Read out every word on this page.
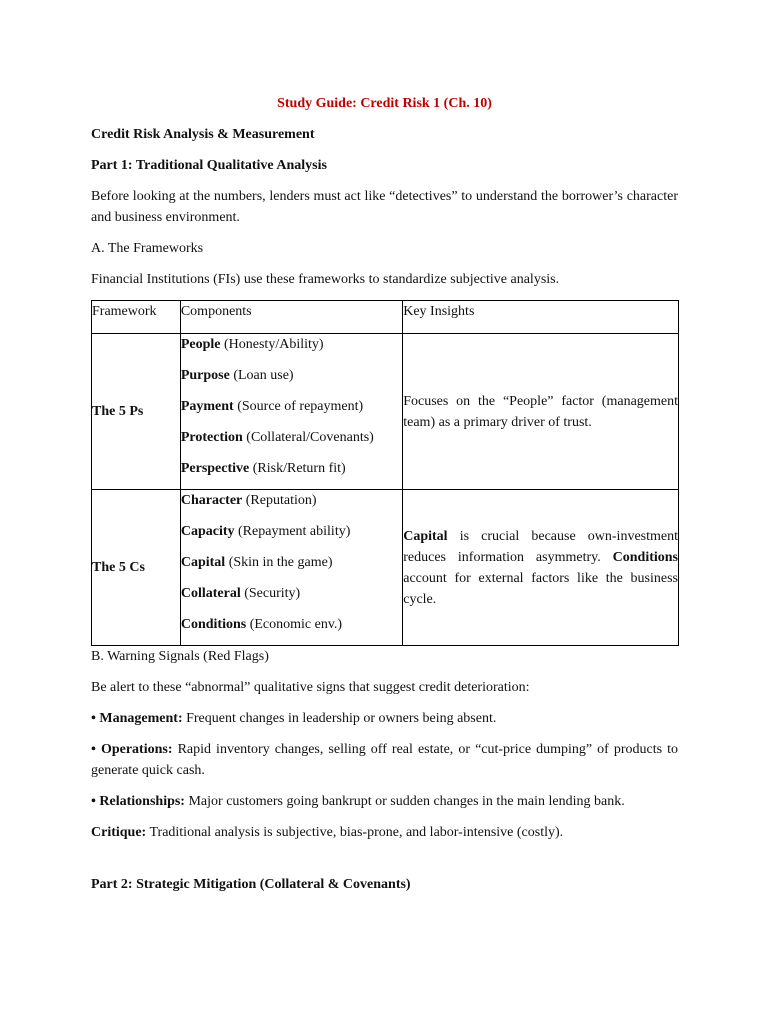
Study Guide: Credit Risk 1 (Ch. 10)
Credit Risk Analysis & Measurement
Part 1: Traditional Qualitative Analysis

Before looking at the numbers, lenders must act like “detectives” to understand the borrower’s character and business environment.

A. The Frameworks

Financial Institutions (FIs) use these frameworks to standardize subjective analysis.

Framework	Components	Key Insights
The 5 Ps	People (Honesty/Ability)
Purpose (Loan use)
Payment (Source of repayment)
Protection (Collateral/Covenants)
Perspective (Risk/Return fit)	Focuses on the “People” factor (management team) as a primary driver of trust.

The 5 Cs	Character (Reputation)
Capacity (Repayment ability)
Capital (Skin in the game)
Collateral (Security)
Conditions (Economic env.)	Capital is crucial because own-investment reduces information asymmetry. Conditions account for external factors like the business cycle.

B. Warning Signals (Red Flags)

Be alert to these “abnormal” qualitative signs that suggest credit deterioration:

• Management: Frequent changes in leadership or owners being absent.

• Operations: Rapid inventory changes, selling off real estate, or “cut-price dumping” of products to generate quick cash.

• Relationships: Major customers going bankrupt or sudden changes in the main lending bank.

Critique: Traditional analysis is subjective, bias-prone, and labor-intensive (costly).

Part 2: Strategic Mitigation (Collateral & Covenants)
